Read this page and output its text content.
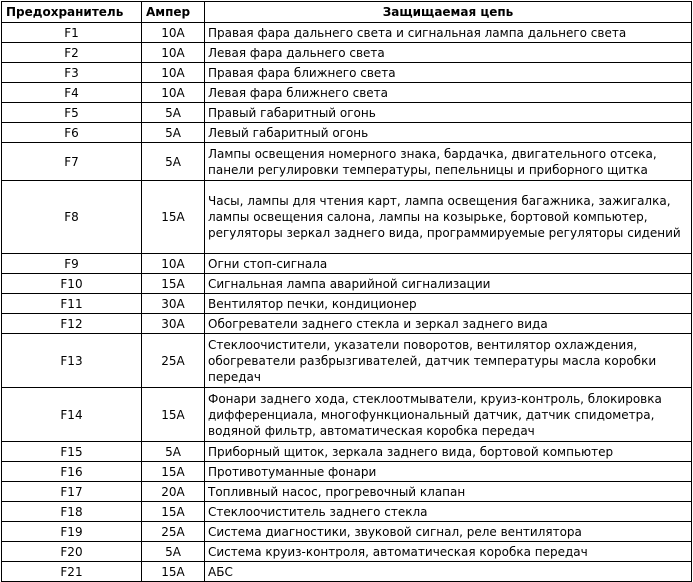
Предохранитель	Ампер	Защищаемая цепь
F1	10A	Правая фара дальнего света и сигнальная лампа дальнего света
F2	10A	Левая фара дальнего света
F3	10A	Правая фара ближнего света
F4	10A	Левая фара ближнего света
F5	5A	Правый габаритный огонь
F6	5A	Левый габаритный огонь
F7	5A	Лампы освещения номерного знака, бардачка, двигательного отсека, панели регулировки температуры, пепельницы и приборного щитка
F8	15A	Часы, лампы для чтения карт, лампа освещения багажника, зажигалка, лампы освещения салона, лампы на козырьке, бортовой компьютер, регуляторы зеркал заднего вида, программируемые регуляторы сидений
F9	10A	Огни стоп-сигнала
F10	15A	Сигнальная лампа аварийной сигнализации
F11	30A	Вентилятор печки, кондиционер
F12	30A	Обогреватели заднего стекла и зеркал заднего вида
F13	25A	Стеклоочистители, указатели поворотов, вентилятор охлаждения, обогреватели разбрызгивателей, датчик температуры масла коробки передач
F14	15A	Фонари заднего хода, стеклоотмыватели, круиз-контроль, блокировка дифференциала, многофункциональный датчик, датчик спидометра, водяной фильтр, автоматическая коробка передач
F15	5A	Приборный щиток, зеркала заднего вида, бортовой компьютер
F16	15A	Противотуманные фонари
F17	20A	Топливный насос, прогревочный клапан
F18	15A	Стеклоочиститель заднего стекла
F19	25A	Система диагностики, звуковой сигнал, реле вентилятора
F20	5A	Система круиз-контроля, автоматическая коробка передач
F21	15A	АБС
